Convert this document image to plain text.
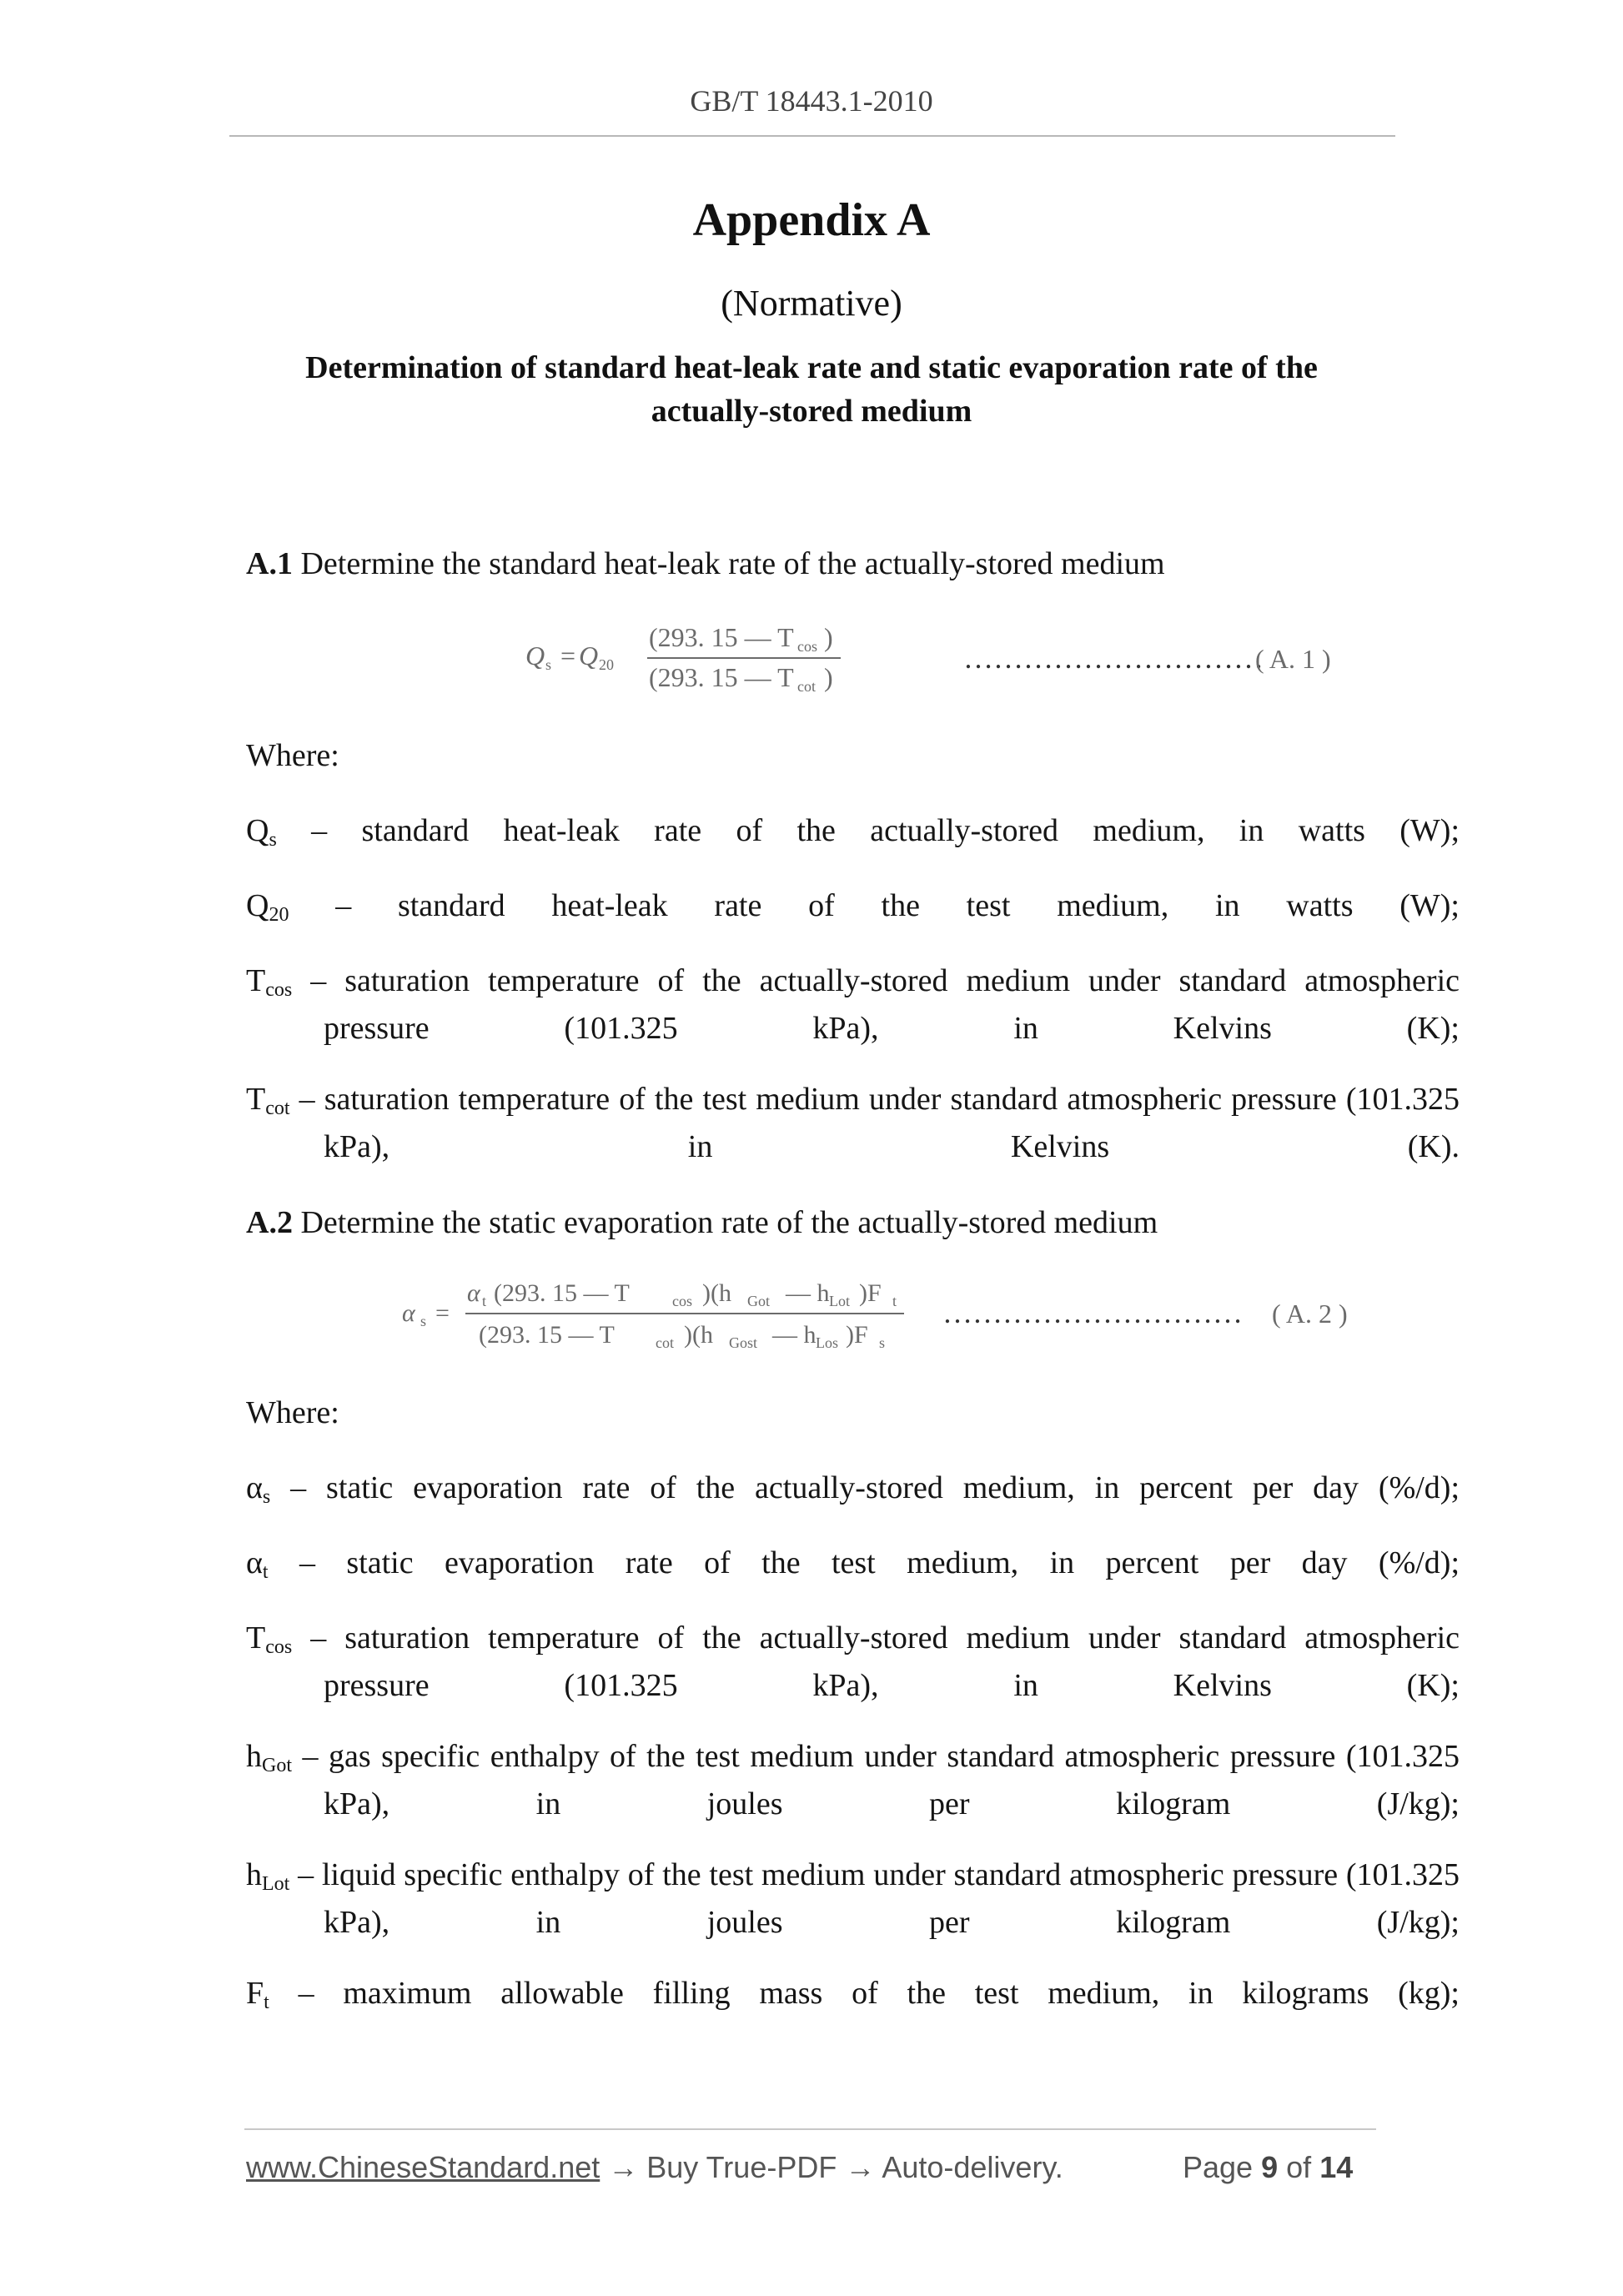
GB/T 18443.1-2010
Appendix A
(Normative)
Determination of standard heat-leak rate and static evaporation rate of the
actually-stored medium
A.1 Determine the standard heat-leak rate of the actually-stored medium
Q s = Q 20
(293. 15 — T cos )
(293. 15 — T cot )
…………………………
( A. 1 )
Where:
Qs – standard heat-leak rate of the actually-stored medium, in watts (W);
Q20 – standard heat-leak rate of the test medium, in watts (W);
Tcos – saturation temperature of the actually-stored medium under standard atmospheric pressure (101.325 kPa), in Kelvins (K);
Tcot – saturation temperature of the test medium under standard atmospheric pressure (101.325 kPa), in Kelvins (K).
A.2 Determine the static evaporation rate of the actually-stored medium
α s =
α t (293. 15 — T	cos )(h Got — h Lot )F t
(293. 15 — T	cot )(h Gost — h Los )F s
………………………… ( A. 2 )
Where:
αs – static evaporation rate of the actually-stored medium, in percent per day (%/d);
αt – static evaporation rate of the test medium, in percent per day (%/d);
Tcos – saturation temperature of the actually-stored medium under standard atmospheric pressure (101.325 kPa), in Kelvins (K);
hGot – gas specific enthalpy of the test medium under standard atmospheric pressure (101.325 kPa), in joules per kilogram (J/kg);
hLot – liquid specific enthalpy of the test medium under standard atmospheric pressure (101.325 kPa), in joules per kilogram (J/kg);
Ft – maximum allowable filling mass of the test medium, in kilograms (kg);
www.ChineseStandard.net → Buy True-PDF → Auto-delivery.	Page 9 of 14
